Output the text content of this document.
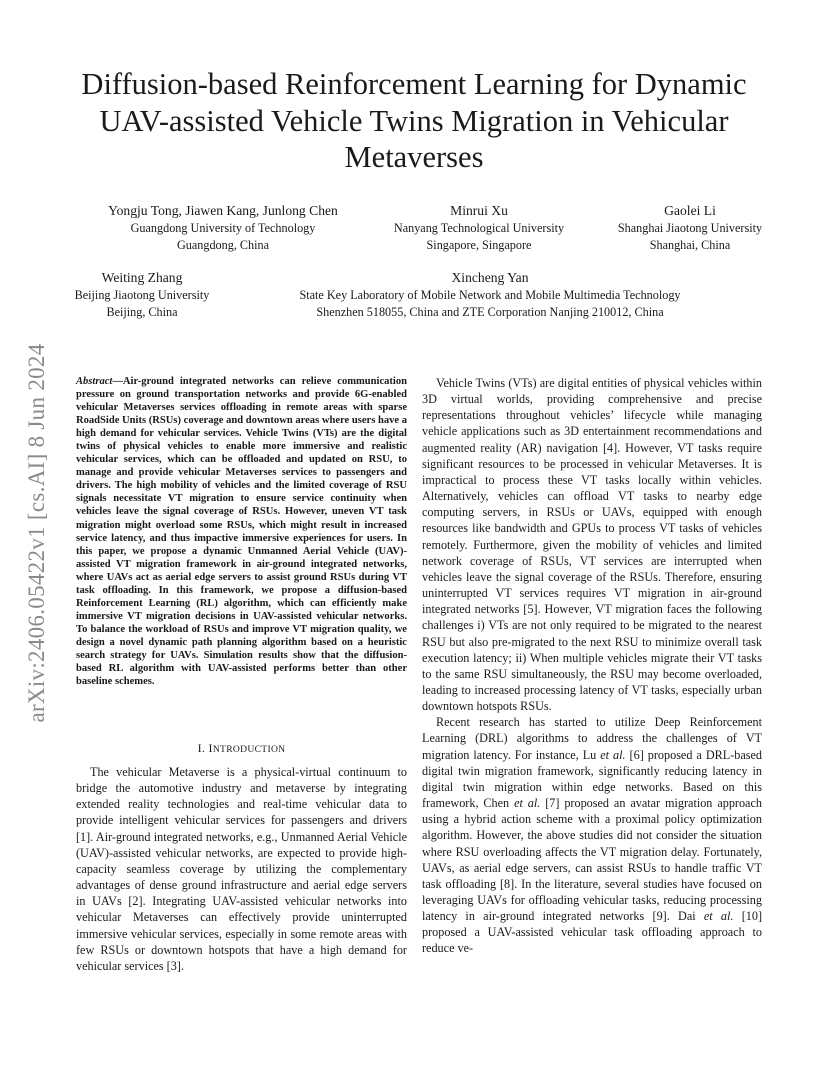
arXiv:2406.05422v1 [cs.AI] 8 Jun 2024
Diffusion-based Reinforcement Learning for Dynamic UAV-assisted Vehicle Twins Migration in Vehicular Metaverses
Yongju Tong, Jiawen Kang, Junlong Chen
Guangdong University of Technology
Guangdong, China
Minrui Xu
Nanyang Technological University
Singapore, Singapore
Gaolei Li
Shanghai Jiaotong University
Shanghai, China
Weiting Zhang
Beijing Jiaotong University
Beijing, China
Xincheng Yan
State Key Laboratory of Mobile Network and Mobile Multimedia Technology
Shenzhen 518055, China and ZTE Corporation Nanjing 210012, China

Abstract—Air-ground integrated networks can relieve communication pressure on ground transportation networks and provide 6G-enabled vehicular Metaverses services offloading in remote areas with sparse RoadSide Units (RSUs) coverage and downtown areas where users have a high demand for vehicular services. Vehicle Twins (VTs) are the digital twins of physical vehicles to enable more immersive and realistic vehicular services, which can be offloaded and updated on RSU, to manage and provide vehicular Metaverses services to passengers and drivers. The high mobility of vehicles and the limited coverage of RSU signals necessitate VT migration to ensure service continuity when vehicles leave the signal coverage of RSUs. However, uneven VT task migration might overload some RSUs, which might result in increased service latency, and thus impactive immersive experiences for users. In this paper, we propose a dynamic Unmanned Aerial Vehicle (UAV)-assisted VT migration framework in air-ground integrated networks, where UAVs act as aerial edge servers to assist ground RSUs during VT task offloading. In this framework, we propose a diffusion-based Reinforcement Learning (RL) algorithm, which can efficiently make immersive VT migration decisions in UAV-assisted vehicular networks. To balance the workload of RSUs and improve VT migration quality, we design a novel dynamic path planning algorithm based on a heuristic search strategy for UAVs. Simulation results show that the diffusion-based RL algorithm with UAV-assisted performs better than other baseline schemes.

I. INTRODUCTION

The vehicular Metaverse is a physical-virtual continuum to bridge the automotive industry and metaverse by integrating extended reality technologies and real-time vehicular data to provide intelligent vehicular services for passengers and drivers [1]. Air-ground integrated networks, e.g., Unmanned Aerial Vehicle (UAV)-assisted vehicular networks, are expected to provide high-capacity seamless coverage by utilizing the complementary advantages of dense ground infrastructure and aerial edge servers in UAVs [2]. Integrating UAV-assisted vehicular networks into vehicular Metaverses can effectively provide uninterrupted immersive vehicular services, especially in some remote areas with few RSUs or downtown hotspots that have a high demand for vehicular services [3].

Vehicle Twins (VTs) are digital entities of physical vehicles within 3D virtual worlds, providing comprehensive and precise representations throughout vehicles’ lifecycle while managing vehicle applications such as 3D entertainment recommendations and augmented reality (AR) navigation [4]. However, VT tasks require significant resources to be processed in vehicular Metaverses. It is impractical to process these VT tasks locally within vehicles. Alternatively, vehicles can offload VT tasks to nearby edge computing servers, in RSUs or UAVs, equipped with enough resources like bandwidth and GPUs to process VT tasks of vehicles remotely. Furthermore, given the mobility of vehicles and limited network coverage of RSUs, VT services are interrupted when vehicles leave the signal coverage of the RSUs. Therefore, ensuring uninterrupted VT services requires VT migration in air-ground integrated networks [5]. However, VT migration faces the following challenges i) VTs are not only required to be migrated to the nearest RSU but also pre-migrated to the next RSU to minimize overall task execution latency; ii) When multiple vehicles migrate their VT tasks to the same RSU simultaneously, the RSU may become overloaded, leading to increased processing latency of VT tasks, especially urban downtown hotspots RSUs.

Recent research has started to utilize Deep Reinforcement Learning (DRL) algorithms to address the challenges of VT migration latency. For instance, Lu et al. [6] proposed a DRL-based digital twin migration framework, significantly reducing latency in digital twin migration within edge networks. Based on this framework, Chen et al. [7] proposed an avatar migration approach using a hybrid action scheme with a proximal policy optimization algorithm. However, the above studies did not consider the situation where RSU overloading affects the VT migration delay. Fortunately, UAVs, as aerial edge servers, can assist RSUs to handle traffic VT task offloading [8]. In the literature, several studies have focused on leveraging UAVs for offloading vehicular tasks, reducing processing latency in air-ground integrated networks [9]. Dai et al. [10] proposed a UAV-assisted vehicular task offloading approach to reduce ve-
